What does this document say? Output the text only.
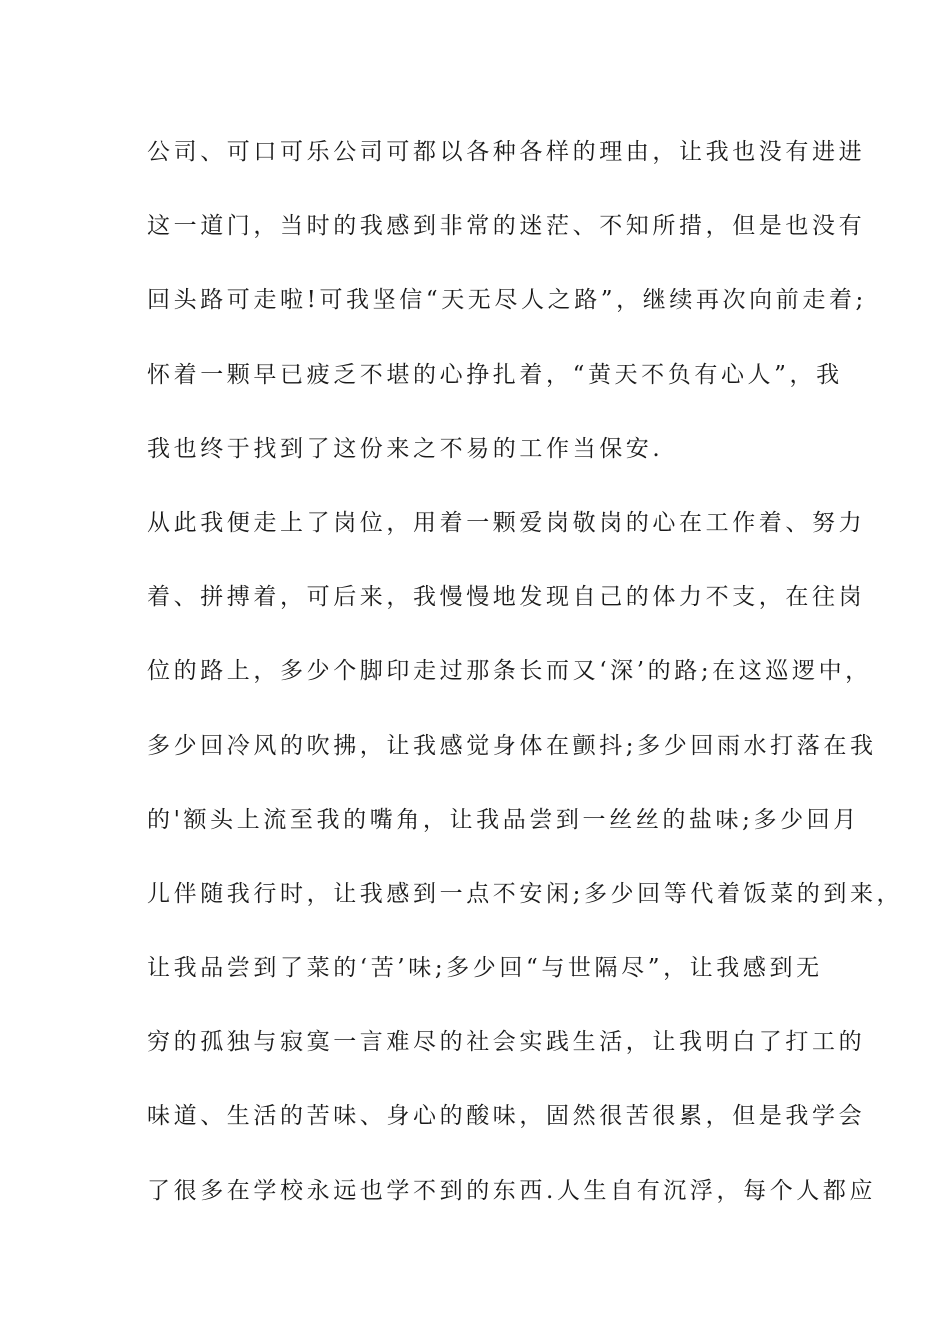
公司、可口可乐公司可都以各种各样的理由，让我也没有进进
这一道门，当时的我感到非常的迷茫、不知所措，但是也没有
回头路可走啦!可我坚信“天无尽人之路”，继续再次向前走着;
怀着一颗早已疲乏不堪的心挣扎着，“黄天不负有心人”，我
我也终于找到了这份来之不易的工作当保安.
从此我便走上了岗位，用着一颗爱岗敬岗的心在工作着、努力
着、拼搏着，可后来，我慢慢地发现自己的体力不支，在往岗
位的路上，多少个脚印走过那条长而又‘深’的路;在这巡逻中，
多少回冷风的吹拂，让我感觉身体在颤抖;多少回雨水打落在我
的'额头上流至我的嘴角，让我品尝到一丝丝的盐味;多少回月
儿伴随我行时，让我感到一点不安闲;多少回等代着饭菜的到来，
让我品尝到了菜的‘苦’味;多少回“与世隔尽”，让我感到无
穷的孤独与寂寞一言难尽的社会实践生活，让我明白了打工的
味道、生活的苦味、身心的酸味，固然很苦很累，但是我学会
了很多在学校永远也学不到的东西.人生自有沉浮，每个人都应
